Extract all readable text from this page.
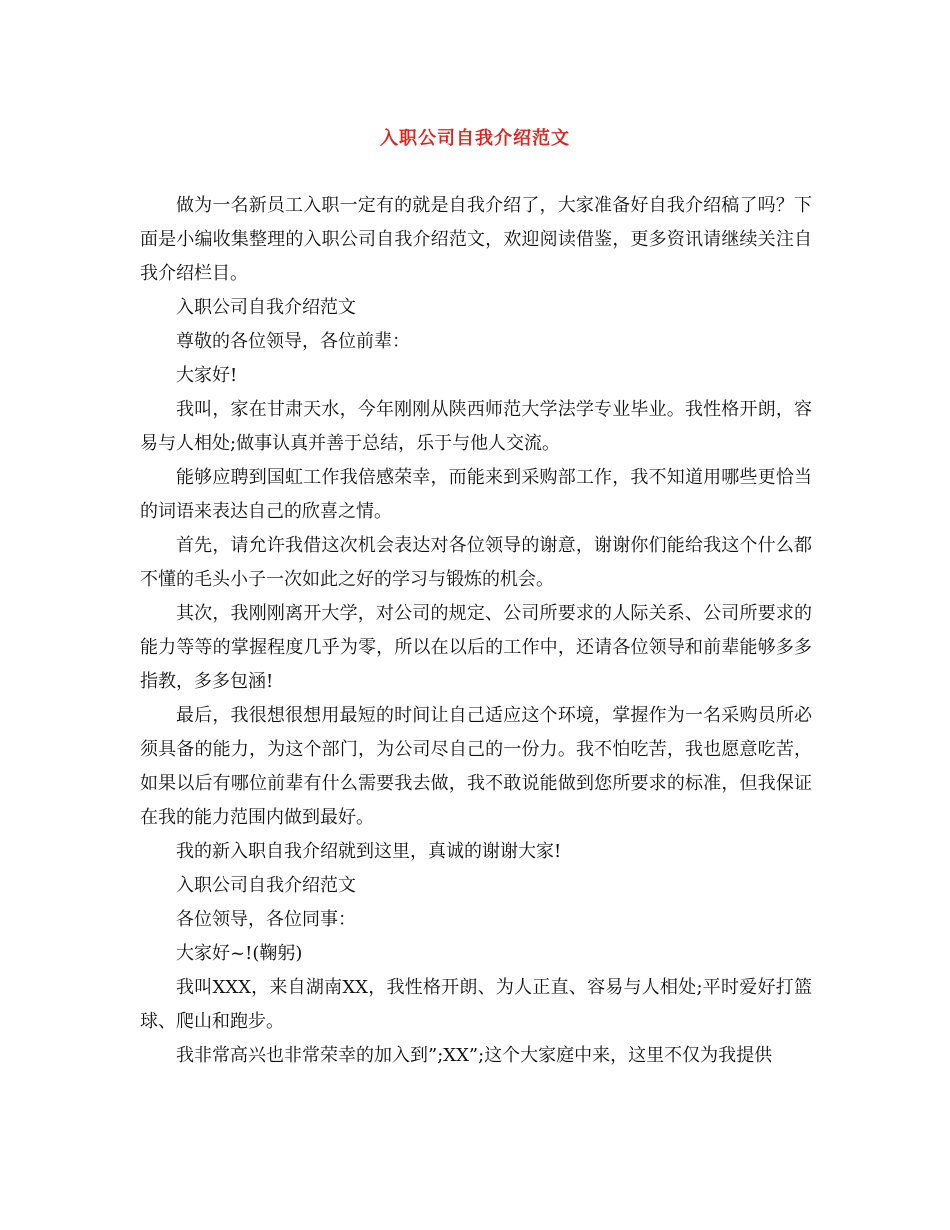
入职公司自我介绍范文

做为一名新员工入职一定有的就是自我介绍了，大家准备好自我介绍稿了吗？下面是小编收集整理的入职公司自我介绍范文，欢迎阅读借鉴，更多资讯请继续关注自我介绍栏目。

入职公司自我介绍范文

尊敬的各位领导，各位前辈：

大家好!

我叫，家在甘肃天水，今年刚刚从陕西师范大学法学专业毕业。我性格开朗，容易与人相处;做事认真并善于总结，乐于与他人交流。

能够应聘到国虹工作我倍感荣幸，而能来到采购部工作，我不知道用哪些更恰当的词语来表达自己的欣喜之情。

首先，请允许我借这次机会表达对各位领导的谢意，谢谢你们能给我这个什么都不懂的毛头小子一次如此之好的学习与锻炼的机会。

其次，我刚刚离开大学，对公司的规定、公司所要求的人际关系、公司所要求的能力等等的掌握程度几乎为零，所以在以后的工作中，还请各位领导和前辈能够多多指教，多多包涵!

最后，我很想很想用最短的时间让自己适应这个环境，掌握作为一名采购员所必须具备的能力，为这个部门，为公司尽自己的一份力。我不怕吃苦，我也愿意吃苦，如果以后有哪位前辈有什么需要我去做，我不敢说能做到您所要求的标准，但我保证在我的能力范围内做到最好。

我的新入职自我介绍就到这里，真诚的谢谢大家!

入职公司自我介绍范文

各位领导，各位同事：

大家好~!(鞠躬)

我叫XXX，来自湖南XX，我性格开朗、为人正直、容易与人相处;平时爱好打篮球、爬山和跑步。

我非常高兴也非常荣幸的加入到”;XX”;这个大家庭中来，这里不仅为我提供
